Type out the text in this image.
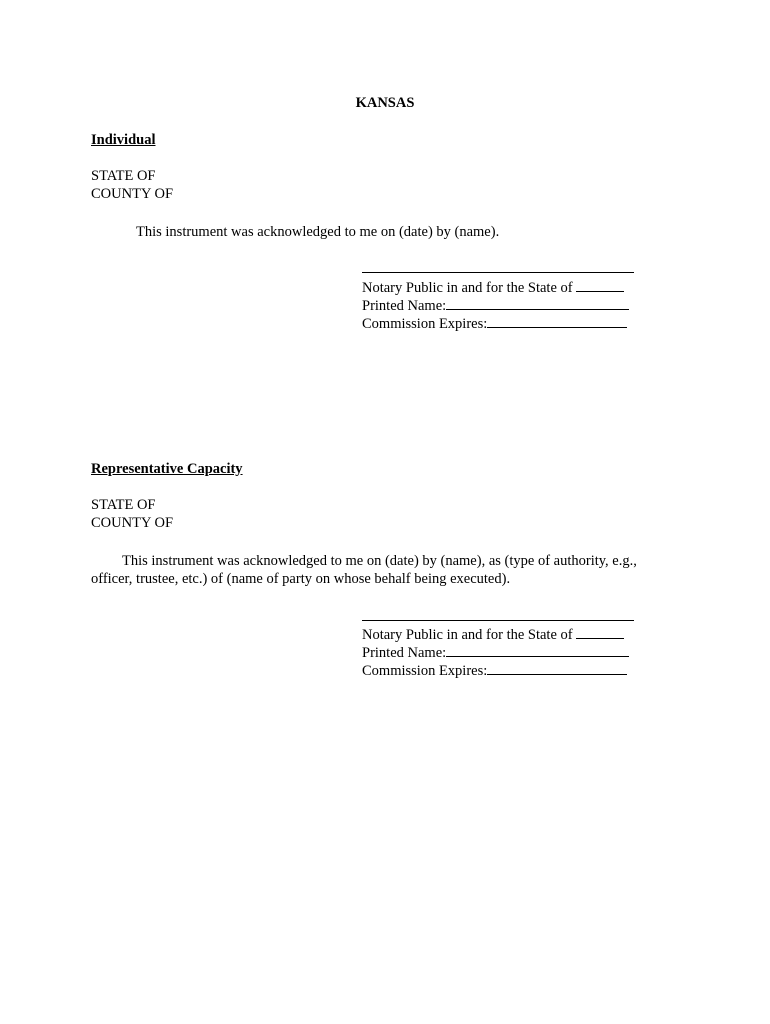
KANSAS
Individual
STATE OF
COUNTY OF
This instrument was acknowledged to me on (date) by (name).
Notary Public in and for the State of
Printed Name:
Commission Expires:
Representative Capacity
STATE OF
COUNTY OF
This instrument was acknowledged to me on (date) by (name), as (type of authority, e.g.,
officer, trustee, etc.) of (name of party on whose behalf being executed).
Notary Public in and for the State of
Printed Name:
Commission Expires:
